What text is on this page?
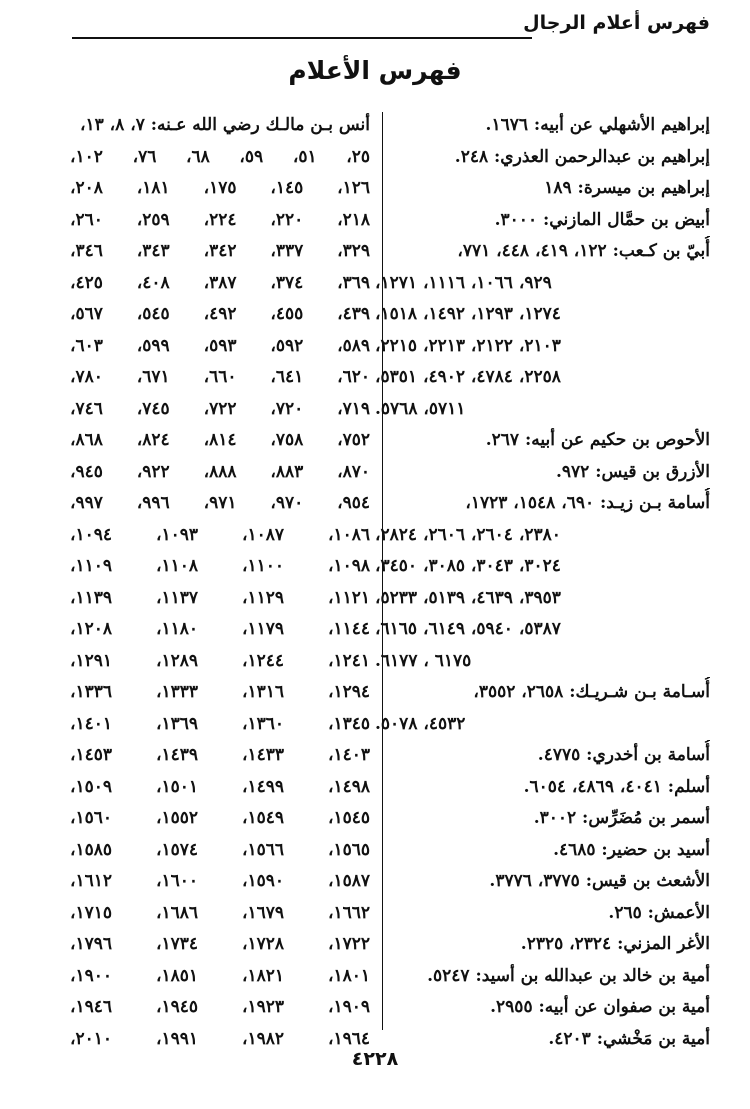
فهرس أعلام الرجال
فهرس الأعلام
إبراهيم الأشهلي عن أبيه: ١٦٧٦.
إبراهيم بن عبدالرحمن العذري: ٢٤٨.
إبراهيم بن ميسرة: ١٨٩
أبيض بن حمَّال المازني: ٣٠٠٠.
أُبيّ بن كـعب: ١٢٢، ٤١٩، ٤٤٨، ٧٧١،
٩٢٩، ١٠٦٦، ١١١٦، ١٢٧١،
١٢٧٤، ١٢٩٣، ١٤٩٢، ١٥١٨،
٢١٠٣، ٢١٢٢، ٢٢١٣، ٢٢١٥،
٢٢٥٨، ٤٧٨٤، ٤٩٠٢، ٥٣٥١،
٥٧١١، ٥٧٦٨.
الأحوص بن حكيم عن أبيه: ٢٦٧.
الأزرق بن قيس: ٩٧٢.
أُسامة بـن زيـد: ٦٩٠، ١٥٤٨، ١٧٢٣،
٢٣٨٠، ٢٦٠٤، ٢٦٠٦، ٢٨٢٤،
٣٠٢٤، ٣٠٤٣، ٣٠٨٥، ٣٤٥٠،
٣٩٥٣، ٤٦٣٩، ٥١٣٩، ٥٢٣٣،
٥٣٨٧، ٥٩٤٠، ٦١٤٩، ٦١٦٥،
٦١٧٥ ، ٦١٧٧.
أُسـامة بـن شـريـك: ٢٦٥٨، ٣٥٥٢،
٤٥٣٢، ٥٠٧٨.
أُسامة بن أخدري: ٤٧٧٥.
أسلم: ٤٠٤١، ٤٨٦٩، ٦٠٥٤.
أسمر بن مُضَرِّس: ٣٠٠٢.
أسيد بن حضير: ٤٦٨٥.
الأشعث بن قيس: ٣٧٧٥، ٣٧٧٦.
الأعمش: ٢٦٥.
الأغر المزني: ٢٣٢٤، ٢٣٢٥.
أمية بن خالد بن عبدالله بن أسيد: ٥٢٤٧.
أمية بن صفوان عن أبيه: ٢٩٥٥.
أمية بن مَخْشي: ٤٢٠٣.
أنس بـن مالـك رضي الله عـنه: ٧، ٨، ١٣،
٢٥، ٥١، ٥٩، ٦٨، ٧٦، ١٠٢،
١٢٦، ١٤٥، ١٧٥، ١٨١، ٢٠٨،
٢١٨، ٢٢٠، ٢٢٤، ٢٥٩، ٢٦٠،
٣٢٩، ٣٣٧، ٣٤٢، ٣٤٣، ٣٤٦،
٣٦٩، ٣٧٤، ٣٨٧، ٤٠٨، ٤٢٥،
٤٣٩، ٤٥٥، ٤٩٢، ٥٤٥، ٥٦٧،
٥٨٩، ٥٩٢، ٥٩٣، ٥٩٩، ٦٠٣،
٦٢٠، ٦٤١، ٦٦٠، ٦٧١، ٧٨٠،
٧١٩، ٧٢٠، ٧٢٢، ٧٤٥، ٧٤٦،
٧٥٢، ٧٥٨، ٨١٤، ٨٢٤، ٨٦٨،
٨٧٠، ٨٨٣، ٨٨٨، ٩٢٢، ٩٤٥،
٩٥٤، ٩٧٠، ٩٧١، ٩٩٦، ٩٩٧،
١٠٨٦، ١٠٨٧، ١٠٩٣، ١٠٩٤،
١٠٩٨، ١١٠٠، ١١٠٨، ١١٠٩،
١١٢١، ١١٢٩، ١١٣٧، ١١٣٩،
١١٤٤، ١١٧٩، ١١٨٠، ١٢٠٨،
١٢٤١، ١٢٤٤، ١٢٨٩، ١٢٩١،
١٢٩٤، ١٣١٦، ١٣٣٣، ١٣٣٦،
١٣٤٥، ١٣٦٠، ١٣٦٩، ١٤٠١،
١٤٠٣، ١٤٣٣، ١٤٣٩، ١٤٥٣،
١٤٩٨، ١٤٩٩، ١٥٠١، ١٥٠٩،
١٥٤٥، ١٥٤٩، ١٥٥٢، ١٥٦٠،
١٥٦٥، ١٥٦٦، ١٥٧٤، ١٥٨٥،
١٥٨٧، ١٥٩٠، ١٦٠٠، ١٦١٢،
١٦٦٢، ١٦٧٩، ١٦٨٦، ١٧١٥،
١٧٢٢، ١٧٢٨، ١٧٣٤، ١٧٩٦،
١٨٠١، ١٨٢١، ١٨٥١، ١٩٠٠،
١٩٠٩، ١٩٢٣، ١٩٤٥، ١٩٤٦،
١٩٦٤، ١٩٨٢، ١٩٩١، ٢٠١٠،
٤٢٢٨
